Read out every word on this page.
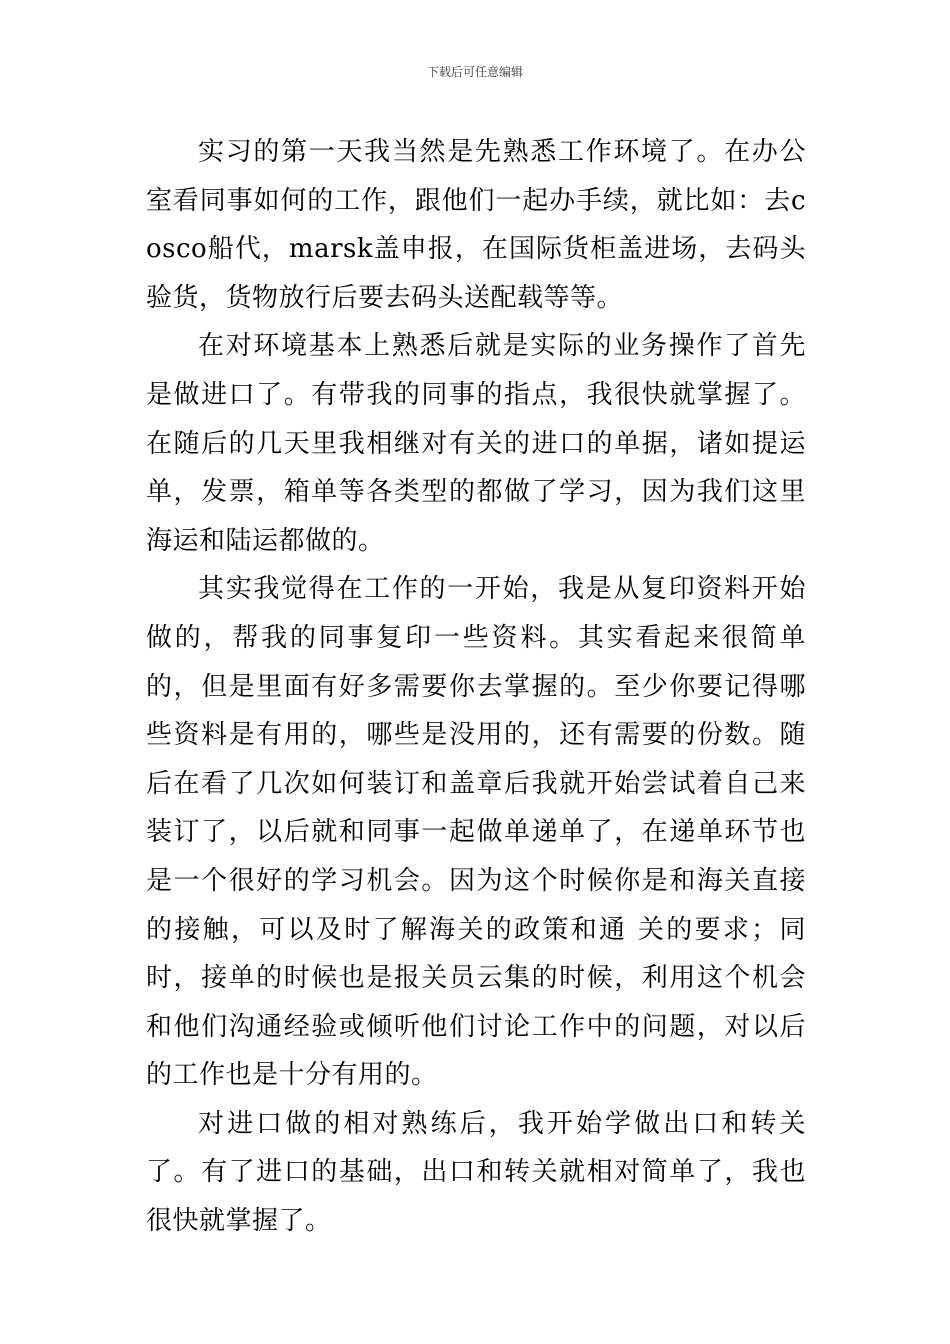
下载后可任意编辑

实习的第一天我当然是先熟悉工作环境了。在办公室看同事如何的工作，跟他们一起办手续，就比如：去cosco船代，marsk盖申报，在国际货柜盖进场，去码头验货，货物放行后要去码头送配载等等。

在对环境基本上熟悉后就是实际的业务操作了首先是做进口了。有带我的同事的指点，我很快就掌握了。在随后的几天里我相继对有关的进口的单据，诸如提运单，发票，箱单等各类型的都做了学习，因为我们这里海运和陆运都做的。

其实我觉得在工作的一开始，我是从复印资料开始做的，帮我的同事复印一些资料。其实看起来很简单的，但是里面有好多需要你去掌握的。至少你要记得哪些资料是有用的，哪些是没用的，还有需要的份数。随后在看了几次如何装订和盖章后我就开始尝试着自己来装订了，以后就和同事一起做单递单了，在递单环节也是一个很好的学习机会。因为这个时候你是和海关直接的接触，可以及时了解海关的政策和通 关的要求；同时，接单的时候也是报关员云集的时候，利用这个机会和他们沟通经验或倾听他们讨论工作中的问题，对以后的工作也是十分有用的。

对进口做的相对熟练后，我开始学做出口和转关了。有了进口的基础，出口和转关就相对简单了，我也很快就掌握了。
